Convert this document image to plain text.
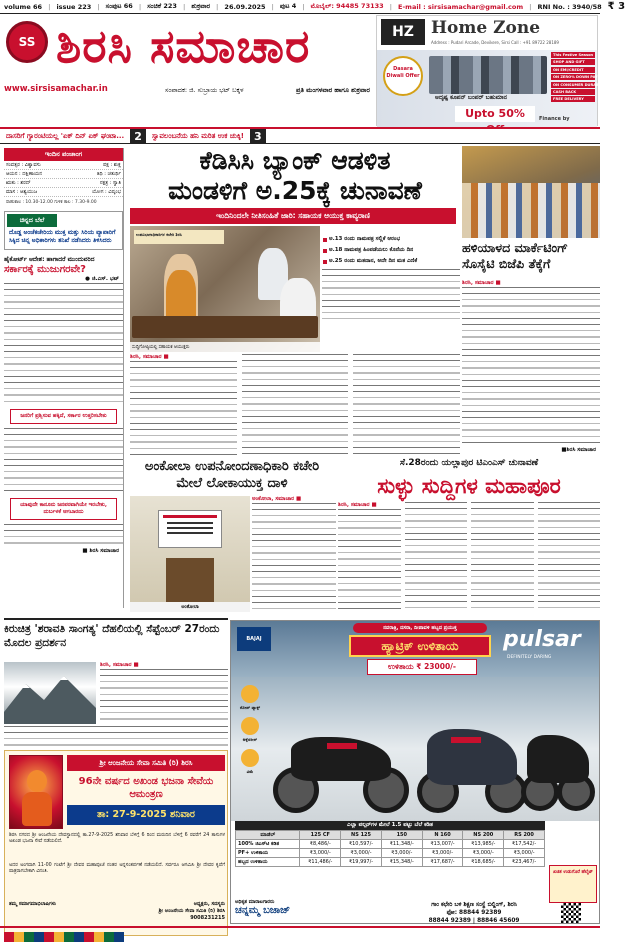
volume 66 | issue 223 | ಸಂಪುಟ 66 | ಸಂಚಿಕೆ 223 | ಶುಕ್ರವಾರ | 26.09.2025 | ಪುಟ 4 | ಮೊಬೈಲ್: 94485 73133 | E-mail : sirsisamachar@gmail.com | RNI No. : 3940/58 ₹ 3
SS ಶಿರಸಿ ಸಮಾಚಾರ
www.sirsisamachar.in	ಸಂಪಾದಕ: ಜಿ. ಸುಬ್ರಾಯ ಭಟ್ ಬಕ್ಕಳ	ಪ್ರತಿ ಮಂಗಳವಾರ ಹಾಗೂ ಶುಕ್ರವಾರ
HZ	Home Zone
Address : Pudari Arcade, Devikere, Sirsi Call : +91 89722 28189
Dasara Diwali Offer
This Festive Season
SHOP AND GIFT
ON EMI/CREDIT
ON ZERO% DOWN PAYMENT
ON CONSUMER DURABLE
CASH BACK
FREE DELIVERY
ಅದೃಷ್ಟ ಕೂಪನ್ ಬಂಪರ್ ಬಹುಮಾನ
Upto 50%	Finance by
ದಾಸರಿಗೆ ಗ್ಯಾರಂಟಿಯಲ್ಲ 'ಏಕ್ ದಿನ್ ಏಕ್ ಘಂಟಾ... 2	ಸ್ವಾವಲಂಬನೆಯ ಹನಿ ಮರಿತ ಉಕ ಚುಕ್ಕಿ! 3
ಇಂದಿನ ಪಂಚಾಂಗ
ಸಂವತ್ಸರ : ವಿಶ್ವಾವಸು	ಪಕ್ಷ : ಶುಕ್ಲ
ಆಯನ : ದಕ್ಷಿಣಾಯನ	ತಿಥಿ : ಚತುರ್ಥಿ
ಋತು : ಶರದ್	ನಕ್ಷತ್ರ : ಸ್ವಾತಿ
ಮಾಸ : ಆಶ್ವಯುಜ	ಯೋಗ : ವಿಷ್ಕಂಭ
ರಾಹುಕಾಲ : 10.30-12.00 ಗುಳಿಕ ಕಾಲ : 7.30-9.00
ಚಿನ್ನದ ಬೆಲೆ
ದೊಡ್ಡ ಅಂಚೆಕಚೇರಿಯ ಮುಕ್ತ ಮತ್ತು ಸಿರಿಯ ವ್ಯಾಪಾರಿಗೆ ಸಿಕ್ಕಿದ ಚಿನ್ನ ಅಧಿಕಾರಿಗಳು ತನಿಖೆ ನಡೆಸಿದರು ತಿಳಿಸಿದರು
ಹೈಕೋರ್ಟ್ ಆದೇಶ: ಹಾಗಾದರೆ ಮುಂದುವರಿದ
ಸರ್ಕಾರಕ್ಕೆ ಮುಜುಗರವೇ?
● ಜಿ.ಎಸ್. ಭಟ್
ಜನರಿಗೆ ಪ್ರಶ್ನಿಸುವ ಹಕ್ಕಿದೆ, ಸರ್ಕಾರ ಉತ್ತರಿಸಬೇಕು
ಯಾವುದೇ ಕಾನೂನು ಜನಪರವಾಗಿಯೇ ಇರಬೇಕು, ದುರ್ಬಳಕೆ ಆಗಬಾರದು
■ ಶಿರಸಿ ಸಮಾಚಾರ
ಕೆಡಿಸಿಸಿ ಬ್ಯಾಂಕ್ ಆಡಳಿತ
ಮಂಡಳಿಗೆ ಅ.25ಕ್ಕೆ ಚುನಾವಣೆ
ಇಂದಿನಿಂದಲೇ ನೀತಿಸಂಹಿತೆ ಜಾರಿ: ಸಹಾಯಕ ಆಯುಕ್ತ ಕಾವ್ಯರಾಣಿ
ಉಪವಿಭಾಗಾಧಿಕಾರಿಗಳ ಕಚೇರಿ ಶಿರಸಿ
ಸುದ್ದಿಗೋಷ್ಠಿಯಲ್ಲಿ ಸಹಾಯಕ ಆಯುಕ್ತರು
ಅ.13 ರಂದು ನಾಮಪತ್ರ ಸಲ್ಲಿಕೆ ಆರಂಭ
ಅ.18 ನಾಮಪತ್ರ ಹಿಂಪಡೆಯಲು ಕೊನೆಯ ದಿನ
ಅ.25 ರಂದು ಮತದಾನ, ಅದೇ ದಿನ ಮತ ಎಣಿಕೆ
ಶಿರಸಿ, ಸಮಾಚಾರ ■
ಹಳಿಯಾಳದ ಮಾರ್ಕೆಟಿಂಗ್ ಸೊಸೈಟಿ ಬಿಜೆಪಿ ತೆಕ್ಕೆಗೆ
ಶಿರಸಿ, ಸಮಾಚಾರ ■
■ಶಿರಸಿ ಸಮಾಚಾರ
ಅಂಕೋಲಾ ಉಪನೋಂದಣಾಧಿಕಾರಿ ಕಚೇರಿ ಮೇಲೆ ಲೋಕಾಯುಕ್ತ ದಾಳಿ
ಅಂಕೋಲಾ
ಅಂಕೋಲಾ, ಸಮಾಚಾರ ■
ಸೆ.28ರಂದು ಯಲ್ಲಾಪುರ ಟಿಎಂಎಸ್ ಚುನಾವಣೆ
ಸುಳ್ಳು ಸುದ್ದಿಗಳ ಮಹಾಪೂರ
ಶಿರಸಿ, ಸಮಾಚಾರ ■
ಕಿರುಚಿತ್ರ 'ಶರಾವತಿ ಸಾಂಗತ್ಯ' ದೆಹಲಿಯಲ್ಲಿ ಸೆಪ್ಟೆಂಬರ್ 27ರಂದು ಮೊದಲ ಪ್ರದರ್ಶನ
ಶಿರಸಿ, ಸಮಾಚಾರ ■
ಶ್ರೀ ಆಂಜನೇಯ ಸೇವಾ ಸಮಿತಿ (ರಿ) ಶಿರಸಿ
96ನೇ ವರ್ಷದ ಅಖಂಡ ಭಜನಾ ಸೇವೆಯ ಆಮಂತ್ರಣ
ತಾ: 27-9-2025 ಶನಿವಾರ
ಶಿರಸಿ ನಗರದ ಶ್ರೀ ಆಂಜನೇಯ ದೇವಸ್ಥಾನದಲ್ಲಿ ತಾ.27-9-2025 ಶನಿವಾರ ಬೆಳಿಗ್ಗೆ 6 ರಿಂದ ಮರುದಿನ ಬೆಳಿಗ್ಗೆ 6 ರವರೆಗೆ 24 ತಾಸುಗಳ ಅಖಂಡ ಭಜನಾ ಸೇವೆ ನಡೆಯಲಿದೆ.
ಅದರ ಅಂಗವಾಗಿ 11-00 ಗಂಟೆಗೆ ಶ್ರೀ ದೇವರ ಮಹಾಪೂಜೆ ನಂತರ ಅನ್ನಸಂತರ್ಪಣೆ ನಡೆಯಲಿದೆ. ಸರ್ವರೂ ಆಗಮಿಸಿ ಶ್ರೀ ದೇವರ ಕೃಪೆಗೆ ಪಾತ್ರರಾಗಬೇಕಾಗಿ ವಿನಂತಿ.
ತಮ್ಮ ಸಮಾಗಮಾಭಿಲಾಷಿಗಳು	ಅಧ್ಯಕ್ಷರು, ಸದಸ್ಯರು
ಶ್ರೀ ಆಂಜನೇಯ ಸೇವಾ ಸಮಿತಿ (ರಿ) ಶಿರಸಿ
9008231215
BAJAJ
ನವರಾತ್ರಿ, ದಸರಾ, ದೀಪಾವಳಿ ಹಬ್ಬದ ಪ್ರಯುಕ್ತ
ಹ್ಯಾಟ್ರಿಕ್ ಉಳಿತಾಯ
ಉಳಿತಾಯ ₹ 23000/-
pulsar
DEFINITELY DARING
ರೋಡ್ ಟ್ಯಾಕ್ಸ್
ಆಕ್ಸೆಸರೀಸ್
ವಿಮೆ
ಎಲ್ಲಾ ಪಲ್ಸರ್‌ಗಳ ಮೇಲೆ 1.5 ಪಟ್ಟು ಬೆಲೆ ಕಡಿತ
ಮಾಡೆಲ್	125 CF	NS 125	150	N 160	NS 200	RS 200
100% ಜಿಎಸ್‌ಟಿ ಕಡಿತ	₹8,486/-	₹10,597/-	₹11,348/-	₹13,007/-	₹13,985/-	₹17,542/-
PF+ ಉಳಿತಾಯ	₹3,000/-	₹3,000/-	₹3,000/-	₹3,000/-	₹3,000/-	₹3,000/-
ಹಬ್ಬದ ಉಳಿತಾಯ	₹11,486/-	₹19,997/-	₹15,348/-	₹17,687/-	₹18,685/-	₹23,467/-
ಖಚಿತ ಉಡುಗೊರೆ ಹೆಲ್ಮೆಟ್
ಅಧಿಕೃತ ಮಾರಾಟಗಾರರು
ಚನ್ನಮ್ಮ ಬಜಾಜ್	ಗಾಂ ಕಛೇರಿ ಬಳಿ ಶಿಕ್ಷಣ ಸಂಸ್ಥೆ ಬಿಲ್ಡಿಂಗ್, ಶಿರಸಿ
ಫೋ: 88844 92389
88844 92389 | 88846 45609
